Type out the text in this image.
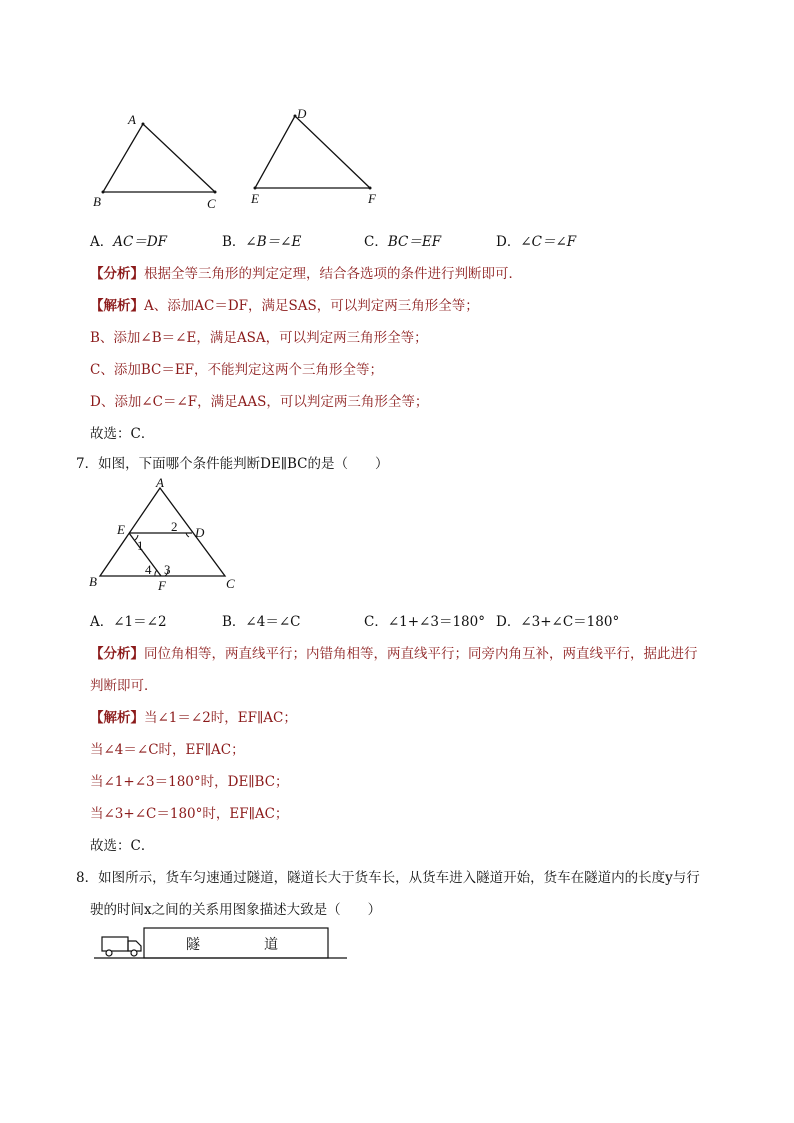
A
B	C
D
E	F
A．AC＝DF	B．∠B＝∠E	C．BC＝EF	D．∠C＝∠F
【分析】根据全等三角形的判定定理，结合各选项的条件进行判断即可．
【解析】A、添加AC＝DF，满足SAS，可以判定两三角形全等；
B、添加∠B＝∠E，满足ASA，可以判定两三角形全等；
C、添加BC＝EF，不能判定这两个三角形全等；
D、添加∠C＝∠F，满足AAS，可以判定两三角形全等；
故选：C．
7．如图，下面哪个条件能判断DE∥BC的是（　　）
A
E	D
B	C
F
1
2
3
4
A．∠1＝∠2	B．∠4＝∠C	C．∠1+∠3＝180° D．∠3+∠C＝180°
【分析】同位角相等，两直线平行；内错角相等，两直线平行；同旁内角互补，两直线平行，据此进行
判断即可．
【解析】当∠1＝∠2时，EF∥AC；
当∠4＝∠C时，EF∥AC；
当∠1+∠3＝180°时，DE∥BC；
当∠3+∠C＝180°时，EF∥AC；
故选：C．
8．如图所示，货车匀速通过隧道，隧道长大于货车长，从货车进入隧道开始，货车在隧道内的长度y与行
驶的时间x之间的关系用图象描述大致是（　　）
隧	道
